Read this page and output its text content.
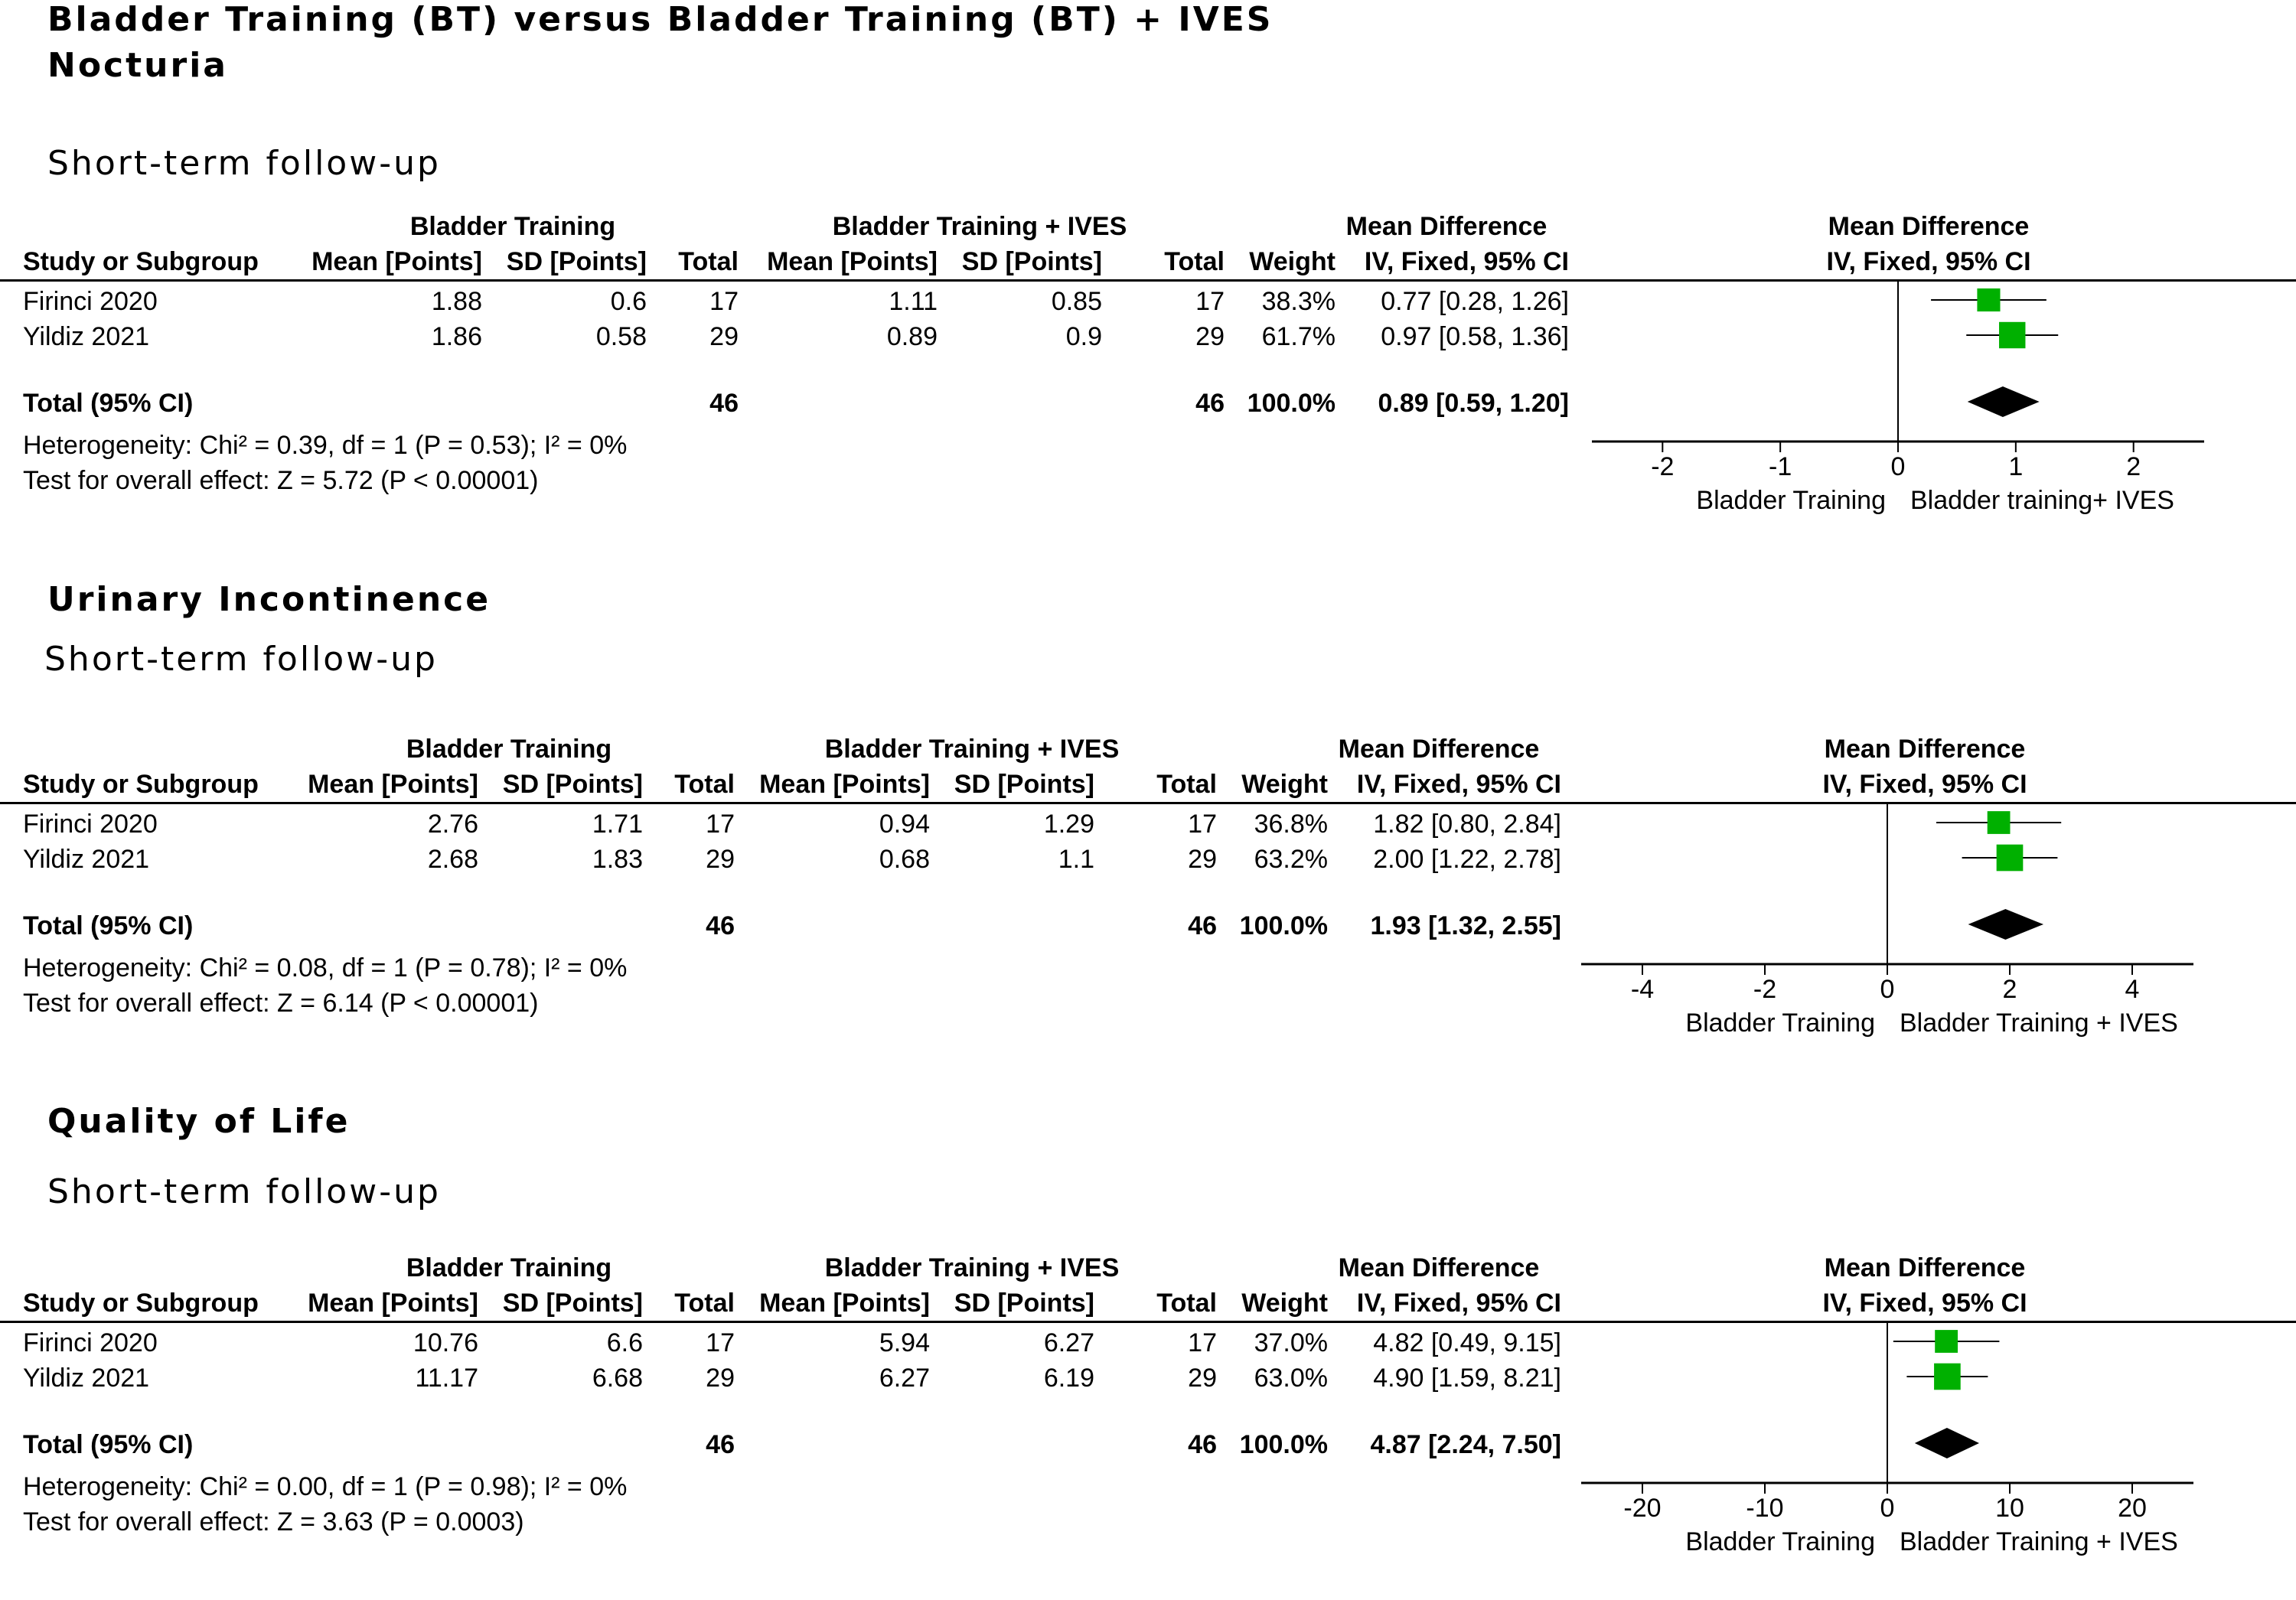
Bladder Training (BT) versus Bladder Training (BT) + IVES
Nocturia
Short-term follow-up
Bladder Training	Bladder Training + IVES	Mean Difference	Mean Difference
Study or Subgroup	Mean [Points] SD [Points]	Total	Mean [Points] SD [Points]	Total Weight	IV, Fixed, 95% CI	IV, Fixed, 95% CI
Firinci 2020	1.88	0.6	17	1.11	0.85	17	38.3%	0.77 [0.28, 1.26]
Yildiz 2021	1.86	0.58	29	0.89	0.9	29	61.7%	0.97 [0.58, 1.36]
Total (95% CI)	46	46 100.0%	0.89 [0.59, 1.20]
Heterogeneity: Chi² = 0.39, df = 1 (P = 0.53); I² = 0%
Test for overall effect: Z = 5.72 (P < 0.00001)	-2	-1	0	1	2
Bladder Training Bladder training+ IVES
Urinary Incontinence
Short-term follow-up
Bladder Training	Bladder Training + IVES	Mean Difference	Mean Difference
Study or Subgroup	Mean [Points] SD [Points]	Total Mean [Points] SD [Points]	Total Weight	IV, Fixed, 95% CI	IV, Fixed, 95% CI
Firinci 2020	2.76	1.71	17	0.94	1.29	17	36.8%	1.82 [0.80, 2.84]
Yildiz 2021	2.68	1.83	29	0.68	1.1	29	63.2%	2.00 [1.22, 2.78]
Total (95% CI)	46	46 100.0%	1.93 [1.32, 2.55]
Heterogeneity: Chi² = 0.08, df = 1 (P = 0.78); I² = 0%
Test for overall effect: Z = 6.14 (P < 0.00001)	-4	-2	0	2	4
Bladder Training Bladder Training + IVES
Quality of Life
Short-term follow-up
Bladder Training	Bladder Training + IVES	Mean Difference	Mean Difference
Study or Subgroup	Mean [Points] SD [Points]	Total Mean [Points] SD [Points]	Total Weight	IV, Fixed, 95% CI	IV, Fixed, 95% CI
Firinci 2020	10.76	6.6	17	5.94	6.27	17	37.0%	4.82 [0.49, 9.15]
Yildiz 2021	11.17	6.68	29	6.27	6.19	29	63.0%	4.90 [1.59, 8.21]
Total (95% CI)	46	46 100.0%	4.87 [2.24, 7.50]
Heterogeneity: Chi² = 0.00, df = 1 (P = 0.98); I² = 0%
Test for overall effect: Z = 3.63 (P = 0.0003)	-20	-10	0	10	20
Bladder Training Bladder Training + IVES
